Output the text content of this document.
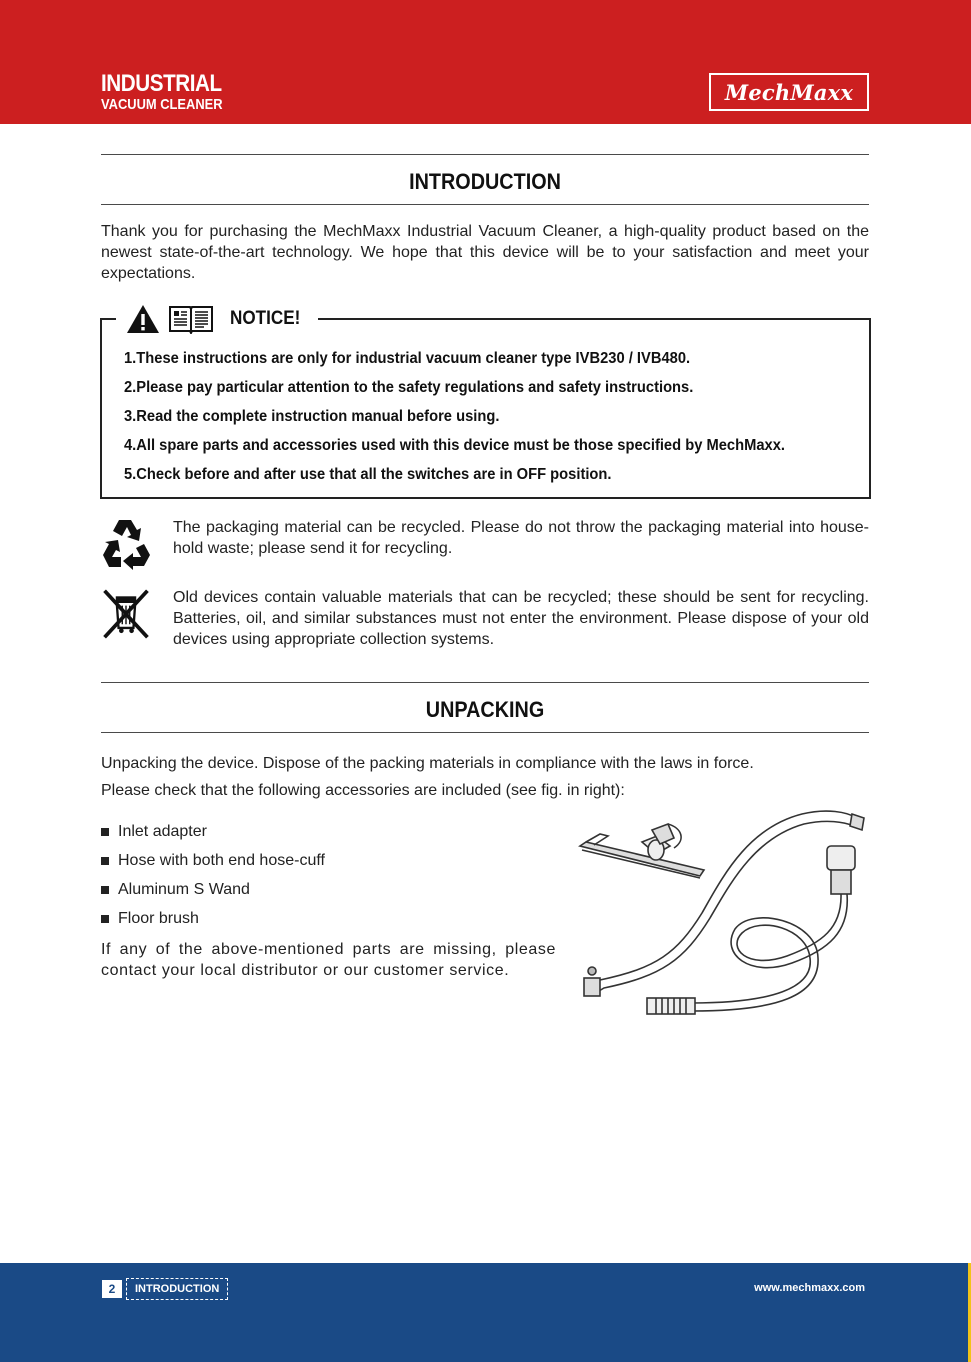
INDUSTRIAL
VACUUM CLEANER	MechMaxx
INTRODUCTION
Thank you for purchasing the MechMaxx Industrial Vacuum Cleaner, a high-quality product based on the newest state-of-the-art technology. We hope that this device will be to your satisfaction and meet your expectations.
NOTICE!
1.These instructions are only for industrial vacuum cleaner type IVB230 / IVB480.
2.Please pay particular attention to the safety regulations and safety instructions.
3.Read the complete instruction manual before using.
4.All spare parts and accessories used with this device must be those specified by MechMaxx.
5.Check before and after use that all the switches are in OFF position.
The packaging material can be recycled. Please do not throw the packaging material into house-hold waste; please send it for recycling.
Old devices contain valuable materials that can be recycled; these should be sent for recycling. Batteries, oil, and similar substances must not enter the environment. Please dispose of your old devices using appropriate collection systems.
UNPACKING
Unpacking the device. Dispose of the packing materials in compliance with the laws in force.
Please check that the following accessories are included (see fig. in right):
Inlet adapter
Hose with both end hose-cuff
Aluminum S Wand
Floor brush
If any of the above-mentioned parts are missing, please contact your local distributor or our customer service.
2	INTRODUCTION	www.mechmaxx.com
